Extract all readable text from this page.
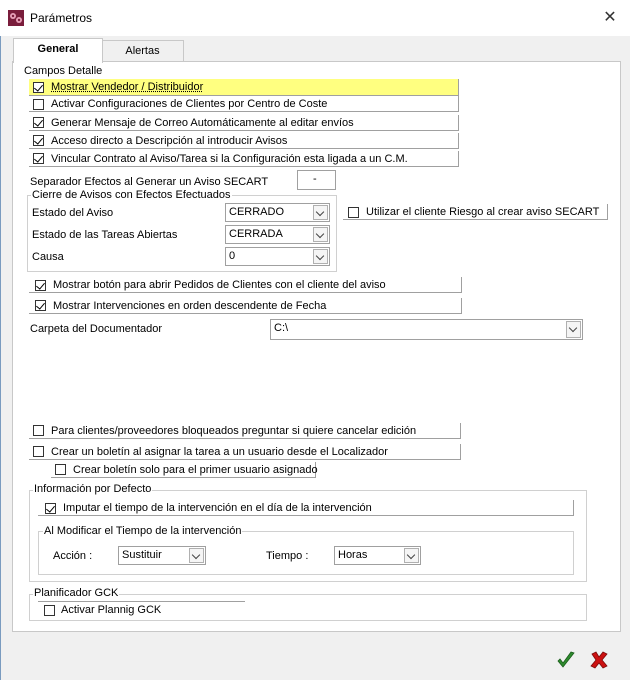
Parámetros	✕
General	Alertas
Campos Detalle
Mostrar Vendedor / Distribuidor
Activar Configuraciones de Clientes por Centro de Coste
Generar Mensaje de Correo Automáticamente al editar envíos
Acceso directo a Descripción al introducir Avisos
Vincular Contrato al Aviso/Tarea si la Configuración esta ligada a un C.M.
Separador Efectos al Generar un Aviso SECART	-
Cierre de Avisos con Efectos Efectuados
Estado del Aviso	CERRADO
Estado de las Tareas Abiertas	CERRADA
Causa	0
Utilizar el cliente Riesgo al crear aviso SECART
Mostrar botón para abrir Pedidos de Clientes con el cliente del aviso
Mostrar Intervenciones en orden descendente de Fecha
Carpeta del Documentador	C:\
Para clientes/proveedores bloqueados preguntar si quiere cancelar edición
Crear un boletín al asignar la tarea a un usuario desde el Localizador
Crear boletín solo para el primer usuario asignado
Información por Defecto
Imputar el tiempo de la intervención en el día de la intervención
Al Modificar el Tiempo de la intervención
Acción :	Sustituir	Tiempo :	Horas
Planificador GCK
Activar Plannig GCK
